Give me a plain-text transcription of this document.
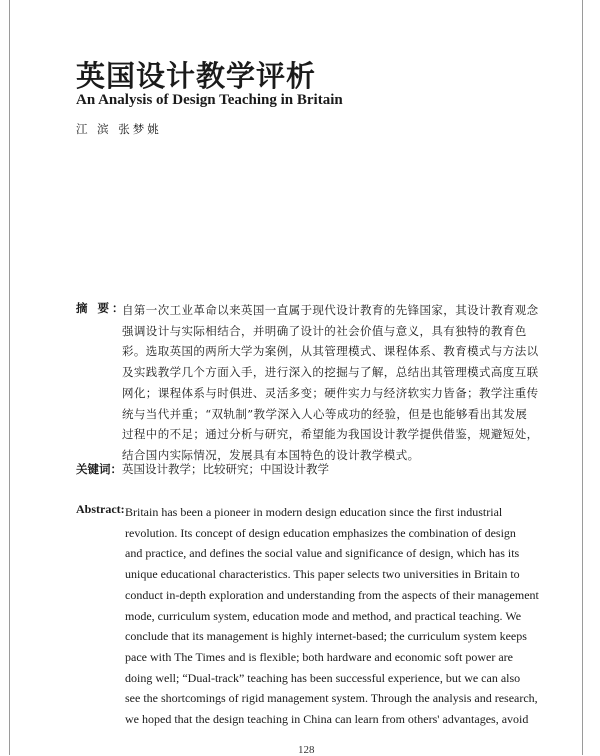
英国设计教学评析
An Analysis of Design Teaching in Britain
江 滨 张梦姚
摘 要：
自第一次工业革命以来英国一直属于现代设计教育的先锋国家，其设计教育观念
强调设计与实际相结合，并明确了设计的社会价值与意义，具有独特的教育色
彩。选取英国的两所大学为案例，从其管理模式、课程体系、教育模式与方法以
及实践教学几个方面入手，进行深入的挖掘与了解，总结出其管理模式高度互联
网化；课程体系与时俱进、灵活多变；硬件实力与经济软实力皆备；教学注重传
统与当代并重；“双轨制”教学深入人心等成功的经验，但是也能够看出其发展
过程中的不足；通过分析与研究，希望能为我国设计教学提供借鉴，规避短处，
结合国内实际情况，发展具有本国特色的设计教学模式。
关键词：英国设计教学；比较研究；中国设计教学
Abstract: Britain has been a pioneer in modern design education since the first industrial
revolution. Its concept of design education emphasizes the combination of design
and practice, and defines the social value and significance of design, which has its
unique educational characteristics. This paper selects two universities in Britain to
conduct in-depth exploration and understanding from the aspects of their management
mode, curriculum system, education mode and method, and practical teaching. We
conclude that its management is highly internet-based; the curriculum system keeps
pace with The Times and is flexible; both hardware and economic soft power are
doing well; “Dual-track” teaching has been successful experience, but we can also
see the shortcomings of rigid management system. Through the analysis and research,
we hoped that the design teaching in China can learn from others' advantages, avoid
128
